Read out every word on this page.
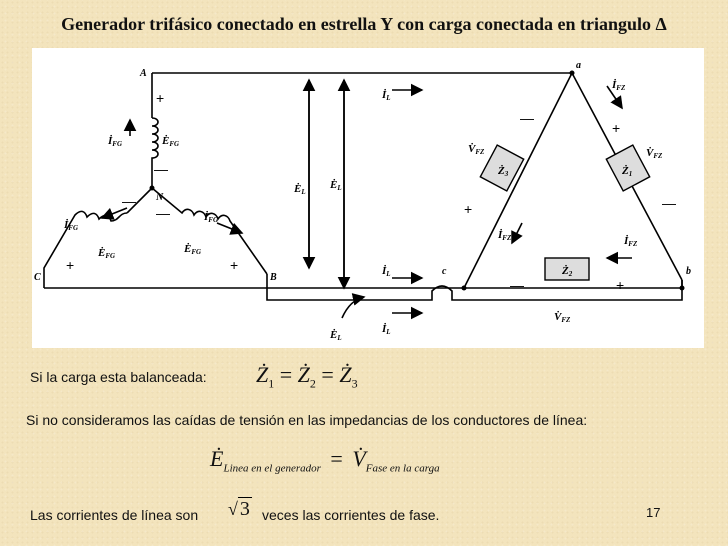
Generador trifásico conectado en estrella Y con carga conectada en triangulo Δ
A
N
B
C
a
b
c
+
—
—
+
—
+
—
+
+
—
—	+
İFG	ĖFG
İFG
ĖFG
İFG
ĖFG
ĖL
ĖL
İL
İL
İL
ĖL
İFZ
V̇FZ	V̇FZ
İFZ	İFZ
V̇FZ
Ż3	Ż1
Ż2
Si la carga esta balanceada: $Ż_1$ = $Ż_2$ = $Ż_3$
Si no consideramos las caídas de tensión en las impedancias de los conductores de línea:
$Ė_{Linea en el generador}$ = $V̇_{Fase en la carga}$
Las corrientes de línea son √ 3 veces las corrientes de fase.	17
